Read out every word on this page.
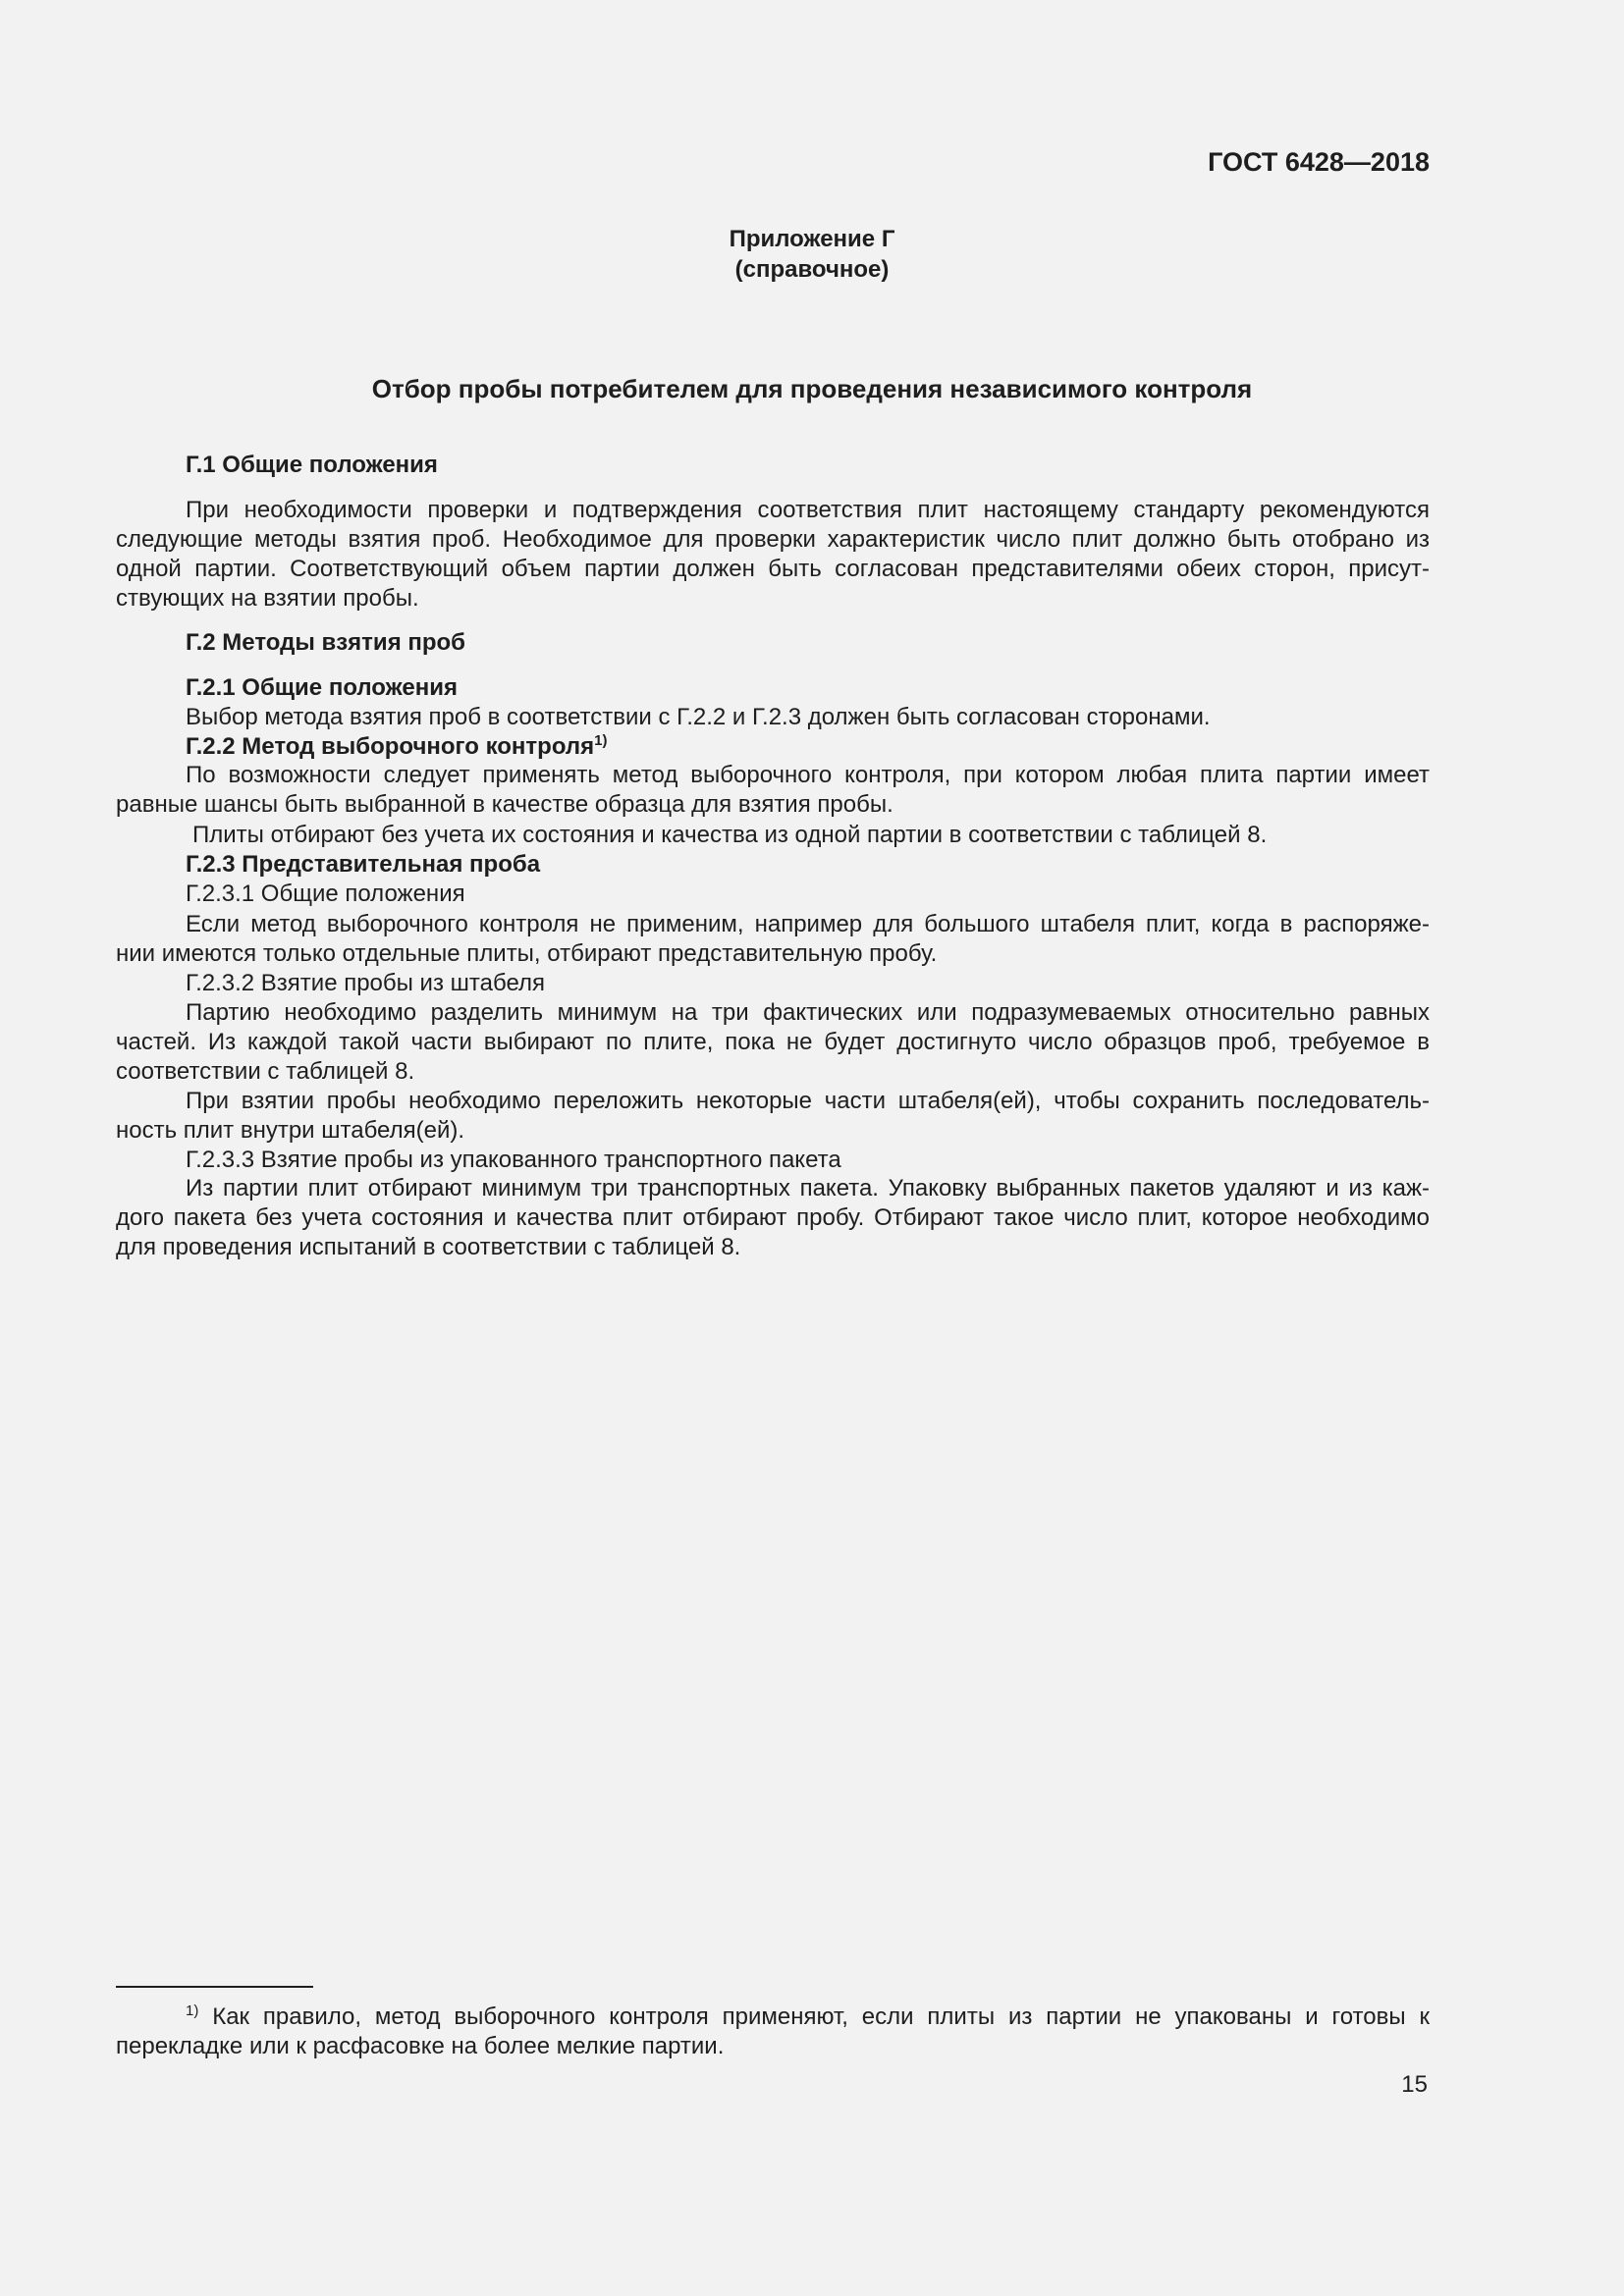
ГОСТ 6428—2018
Приложение Г
(справочное)
Отбор пробы потребителем для проведения независимого контроля
Г.1 Общие положения
При необходимости проверки и подтверждения соответствия плит настоящему стандарту рекомендуются
следующие методы взятия проб. Необходимое для проверки характеристик число плит должно быть отобрано из
одной партии. Соответствующий объем партии должен быть согласован представителями обеих сторон, присут-
ствующих на взятии пробы.
Г.2 Методы взятия проб
Г.2.1 Общие положения
Выбор метода взятия проб в соответствии с Г.2.2 и Г.2.3 должен быть согласован сторонами.
Г.2.2 Метод выборочного контроля$^{1)}$
По возможности следует применять метод выборочного контроля, при котором любая плита партии имеет
равные шансы быть выбранной в качестве образца для взятия пробы.
Плиты отбирают без учета их состояния и качества из одной партии в соответствии с таблицей 8.
Г.2.3 Представительная проба
Г.2.3.1 Общие положения
Если метод выборочного контроля не применим, например для большого штабеля плит, когда в распоряже-
нии имеются только отдельные плиты, отбирают представительную пробу.
Г.2.3.2 Взятие пробы из штабеля
Партию необходимо разделить минимум на три фактических или подразумеваемых относительно равных
частей. Из каждой такой части выбирают по плите, пока не будет достигнуто число образцов проб, требуемое в
соответствии с таблицей 8.
При взятии пробы необходимо переложить некоторые части штабеля(ей), чтобы сохранить последователь-
ность плит внутри штабеля(ей).
Г.2.3.3 Взятие пробы из упакованного транспортного пакета
Из партии плит отбирают минимум три транспортных пакета. Упаковку выбранных пакетов удаляют и из каж-
дого пакета без учета состояния и качества плит отбирают пробу. Отбирают такое число плит, которое необходимо
для проведения испытаний в соответствии с таблицей 8.
$^{1)}$ Как правило, метод выборочного контроля применяют, если плиты из партии не упакованы и готовы к
перекладке или к расфасовке на более мелкие партии.
15
